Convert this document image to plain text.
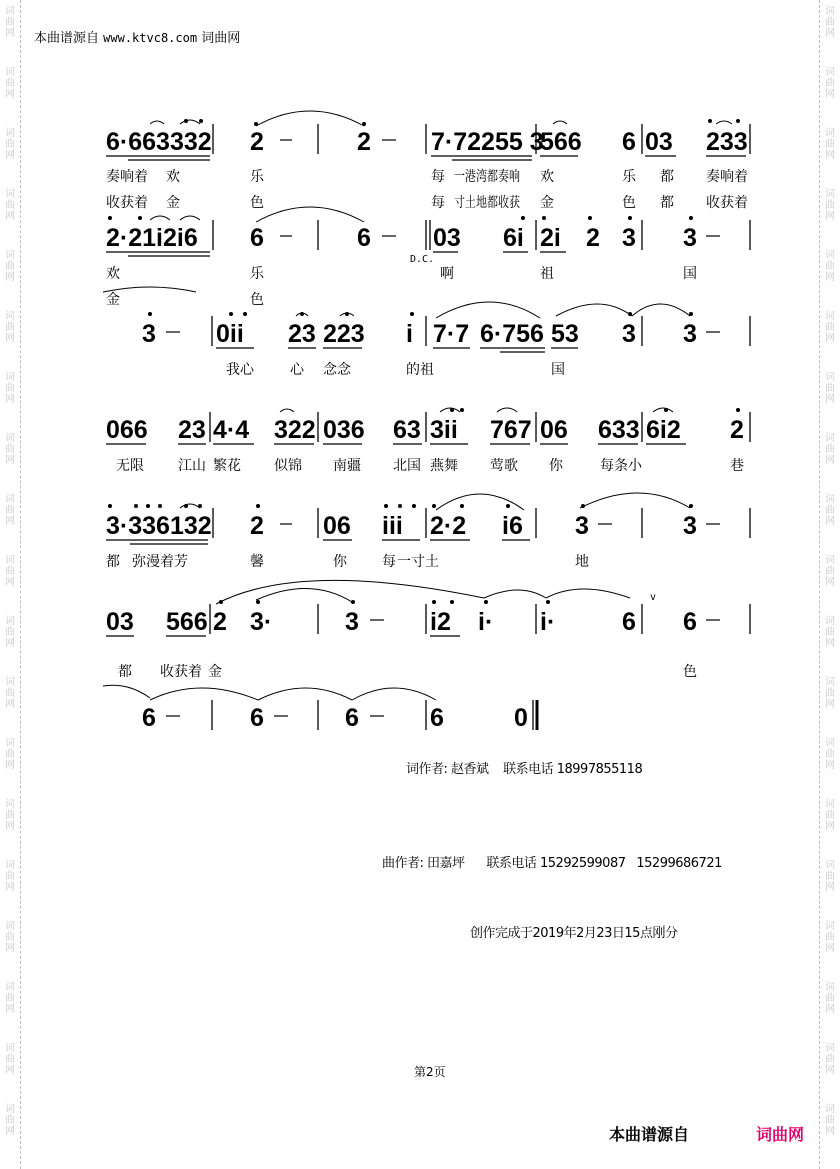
词
曲
网
词
曲
网
词
曲
网
词
曲
网
词
曲
网
词
曲
网
词
曲
网
词
曲
网
词
曲
网
词
曲
网
词
曲
网
词
曲
网
词
曲
网
词
曲
网
词
曲
网
词
曲
网
词
曲
网
词
曲
网
词
曲
网
词
曲
网
词
曲
网
词
曲
网
词
曲
网
词
曲
网
词
曲
网
词
曲
网
词
曲
网
词
曲
网
词
曲
网
词
曲
网
词
曲
网
词
曲
网
词
曲
网
词
曲
网
词
曲
网
词
曲
网
词
曲
网
词
曲
网
本曲谱源自 www.ktvc8.com 词曲网
6·663332 2	2 7·72255 3
566 6 03 233
奏响着 欢	乐	每 一港湾都奏响 欢	乐 都 奏响着
收获着 金	色	每 寸土地都收获 金	色 都 收获着
2·21i2i6 6	6 03 6i 2i 2 3 3
D.C.
欢	乐	啊	祖	国
金	色
3 0ii 23 223 i 7·7 6·756 53 3 3
我心	心 念念	的祖	国
066 23 4·4 322 036 63 3ii 767 06 633 6i2 2
无限 江山 繁花 似锦 南疆 北国 燕舞 莺歌 你	每条小	巷
3·336132 2 06 iii 2·2 i6 3	3
都 弥漫着芳	馨	你	每 一寸土	地
03 566 2 3·	3	i2 i· i·	6 6
v
都 收获着 金	色
6	6	6	6	0
词作者: 赵香斌 联系电话 18997855118
曲作者: 田嘉坪 联系电话 15292599087 15299686721
创作完成于2019年2月23日15点刚分
第2页
本曲谱源自	词曲网
